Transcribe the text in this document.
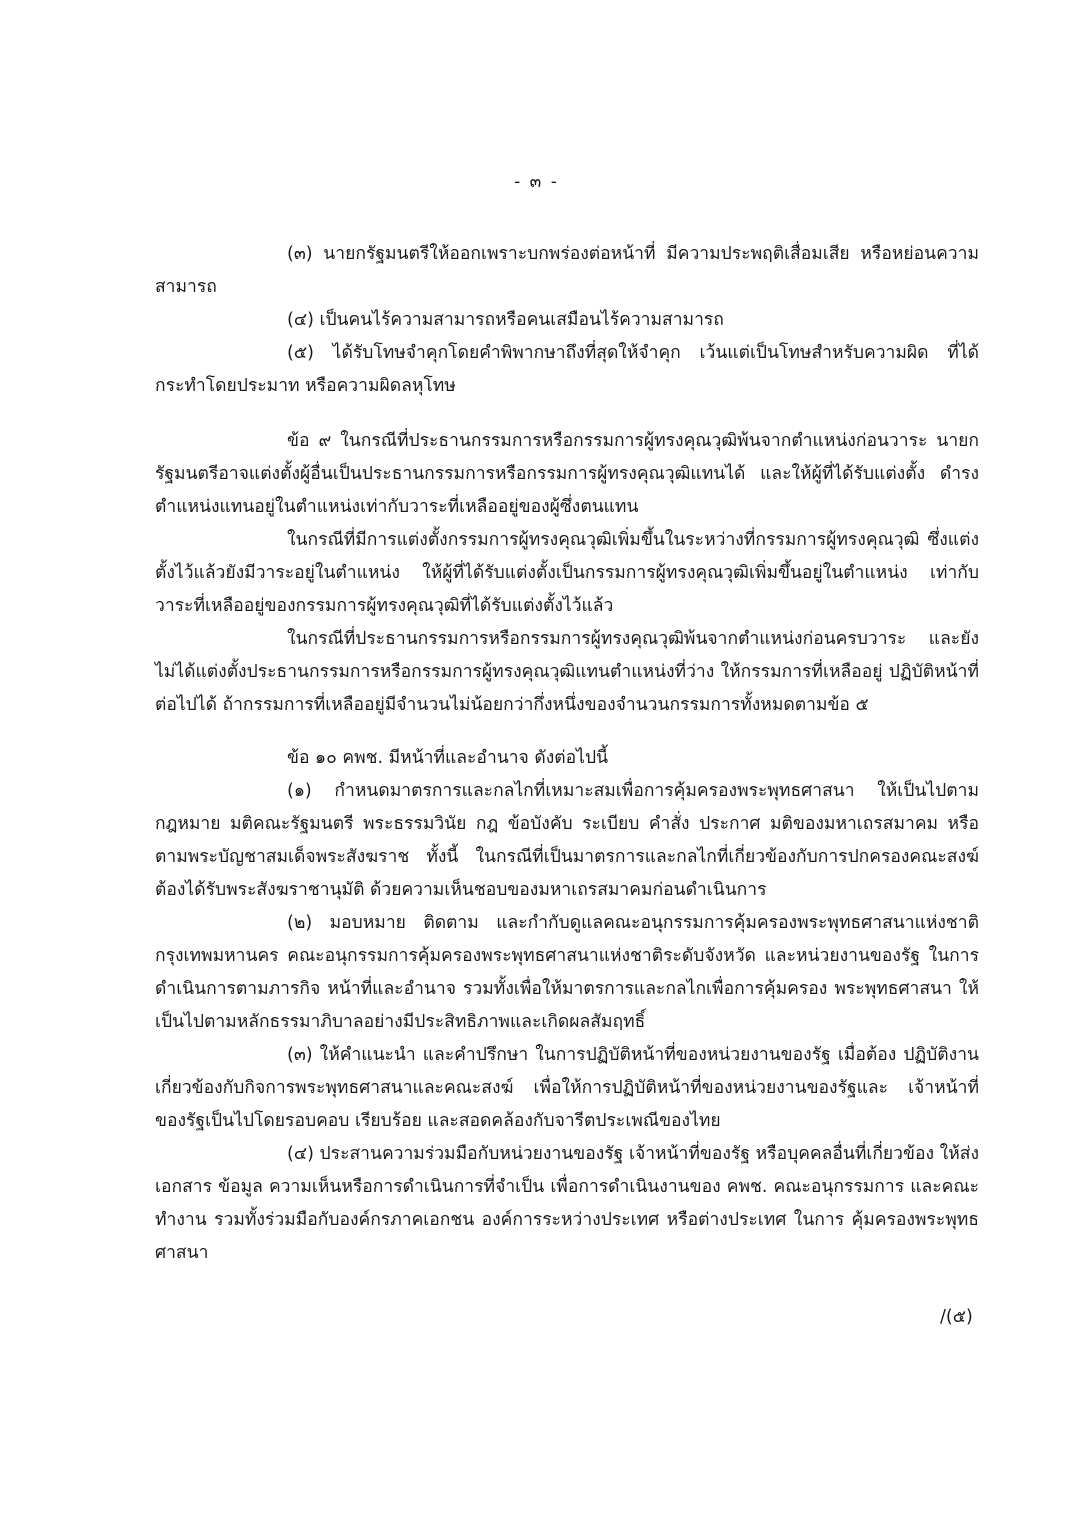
- ๓ -

(๓) นายกรัฐมนตรีให้ออกเพราะบกพร่องต่อหน้าที่ มีความประพฤติเสื่อมเสีย หรือหย่อนความสามารถ

(๔) เป็นคนไร้ความสามารถหรือคนเสมือนไร้ความสามารถ

(๕) ได้รับโทษจำคุกโดยคำพิพากษาถึงที่สุดให้จำคุก เว้นแต่เป็นโทษสำหรับความผิด ที่ได้กระทำโดยประมาท หรือความผิดลหุโทษ

ข้อ ๙ ในกรณีที่ประธานกรรมการหรือกรรมการผู้ทรงคุณวุฒิพ้นจากตำแหน่งก่อนวาระ นายกรัฐมนตรีอาจแต่งตั้งผู้อื่นเป็นประธานกรรมการหรือกรรมการผู้ทรงคุณวุฒิแทนได้ และให้ผู้ที่ได้รับแต่งตั้ง ดำรงตำแหน่งแทนอยู่ในตำแหน่งเท่ากับวาระที่เหลืออยู่ของผู้ซึ่งตนแทน

ในกรณีที่มีการแต่งตั้งกรรมการผู้ทรงคุณวุฒิเพิ่มขึ้นในระหว่างที่กรรมการผู้ทรงคุณวุฒิ ซึ่งแต่งตั้งไว้แล้วยังมีวาระอยู่ในตำแหน่ง ให้ผู้ที่ได้รับแต่งตั้งเป็นกรรมการผู้ทรงคุณวุฒิเพิ่มขึ้นอยู่ในตำแหน่ง เท่ากับวาระที่เหลืออยู่ของกรรมการผู้ทรงคุณวุฒิที่ได้รับแต่งตั้งไว้แล้ว

ในกรณีที่ประธานกรรมการหรือกรรมการผู้ทรงคุณวุฒิพ้นจากตำแหน่งก่อนครบวาระ และยังไม่ได้แต่งตั้งประธานกรรมการหรือกรรมการผู้ทรงคุณวุฒิแทนตำแหน่งที่ว่าง ให้กรรมการที่เหลืออยู่ ปฏิบัติหน้าที่ต่อไปได้ ถ้ากรรมการที่เหลืออยู่มีจำนวนไม่น้อยกว่ากึ่งหนึ่งของจำนวนกรรมการทั้งหมดตามข้อ ๕

ข้อ ๑๐ คพช. มีหน้าที่และอำนาจ ดังต่อไปนี้

(๑) กำหนดมาตรการและกลไกที่เหมาะสมเพื่อการคุ้มครองพระพุทธศาสนา ให้เป็นไปตาม กฎหมาย มติคณะรัฐมนตรี พระธรรมวินัย กฎ ข้อบังคับ ระเบียบ คำสั่ง ประกาศ มติของมหาเถรสมาคม หรือตามพระบัญชาสมเด็จพระสังฆราช ทั้งนี้ ในกรณีที่เป็นมาตรการและกลไกที่เกี่ยวข้องกับการปกครองคณะสงฆ์ ต้องได้รับพระสังฆราชานุมัติ ด้วยความเห็นชอบของมหาเถรสมาคมก่อนดำเนินการ

(๒) มอบหมาย ติดตาม และกำกับดูแลคณะอนุกรรมการคุ้มครองพระพุทธศาสนาแห่งชาติ กรุงเทพมหานคร คณะอนุกรรมการคุ้มครองพระพุทธศาสนาแห่งชาติระดับจังหวัด และหน่วยงานของรัฐ ในการดำเนินการตามภารกิจ หน้าที่และอำนาจ รวมทั้งเพื่อให้มาตรการและกลไกเพื่อการคุ้มครอง พระพุทธศาสนา ให้เป็นไปตามหลักธรรมาภิบาลอย่างมีประสิทธิภาพและเกิดผลสัมฤทธิ์

(๓) ให้คำแนะนำ และคำปรึกษา ในการปฏิบัติหน้าที่ของหน่วยงานของรัฐ เมื่อต้อง ปฏิบัติงานเกี่ยวข้องกับกิจการพระพุทธศาสนาและคณะสงฆ์ เพื่อให้การปฏิบัติหน้าที่ของหน่วยงานของรัฐและ เจ้าหน้าที่ของรัฐเป็นไปโดยรอบคอบ เรียบร้อย และสอดคล้องกับจารีตประเพณีของไทย

(๔) ประสานความร่วมมือกับหน่วยงานของรัฐ เจ้าหน้าที่ของรัฐ หรือบุคคลอื่นที่เกี่ยวข้อง ให้ส่งเอกสาร ข้อมูล ความเห็นหรือการดำเนินการที่จำเป็น เพื่อการดำเนินงานของ คพช. คณะอนุกรรมการ และคณะทำงาน รวมทั้งร่วมมือกับองค์กรภาคเอกชน องค์การระหว่างประเทศ หรือต่างประเทศ ในการ คุ้มครองพระพุทธศาสนา

/(๕)
